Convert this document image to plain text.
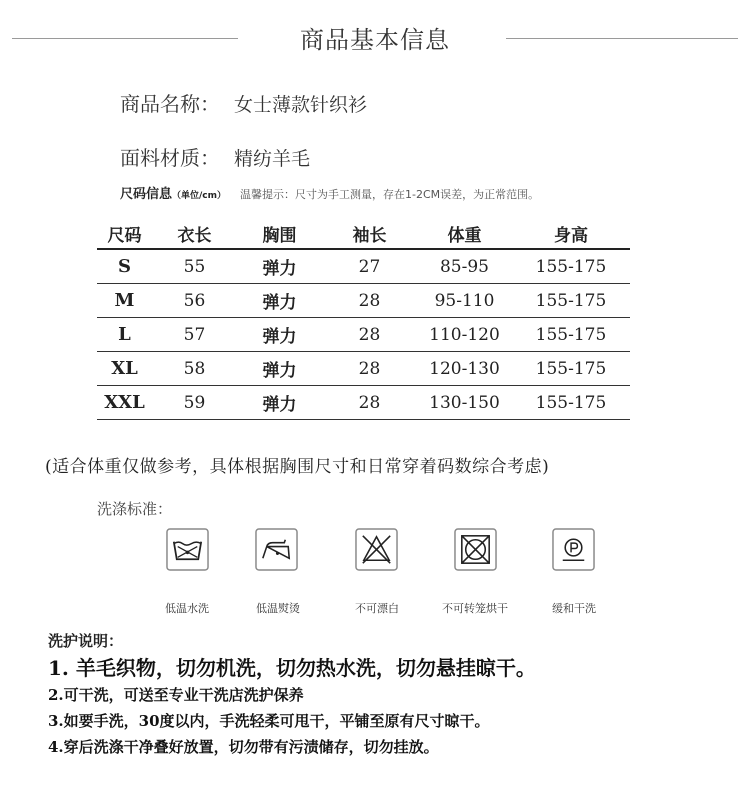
商品基本信息
商品名称： 女士薄款针织衫
面料材质： 精纺羊毛
尺码信息（单位/cm） 温馨提示：尺寸为手工测量，存在1-2CM误差，为正常范围。
尺码	衣长	胸围	袖长	体重	身高
S	55	弹力	27	85-95	155-175
M	56	弹力	28	95-110	155-175
L	57	弹力	28	110-120	155-175
XL	58	弹力	28	120-130	155-175
XXL	59	弹力	28	130-150	155-175
(适合体重仅做参考，具体根据胸围尺寸和日常穿着码数综合考虑)
洗涤标准：
低温水洗	低温熨烫	不可漂白	不可转笼烘干	缓和干洗
洗护说明：
1. 羊毛织物，切勿机洗，切勿热水洗，切勿悬挂晾干。
2.可干洗，可送至专业干洗店洗护保养
3.如要手洗，30度以内，手洗轻柔可甩干，平铺至原有尺寸晾干。
4.穿后洗涤干净叠好放置，切勿带有污渍储存，切勿挂放。
